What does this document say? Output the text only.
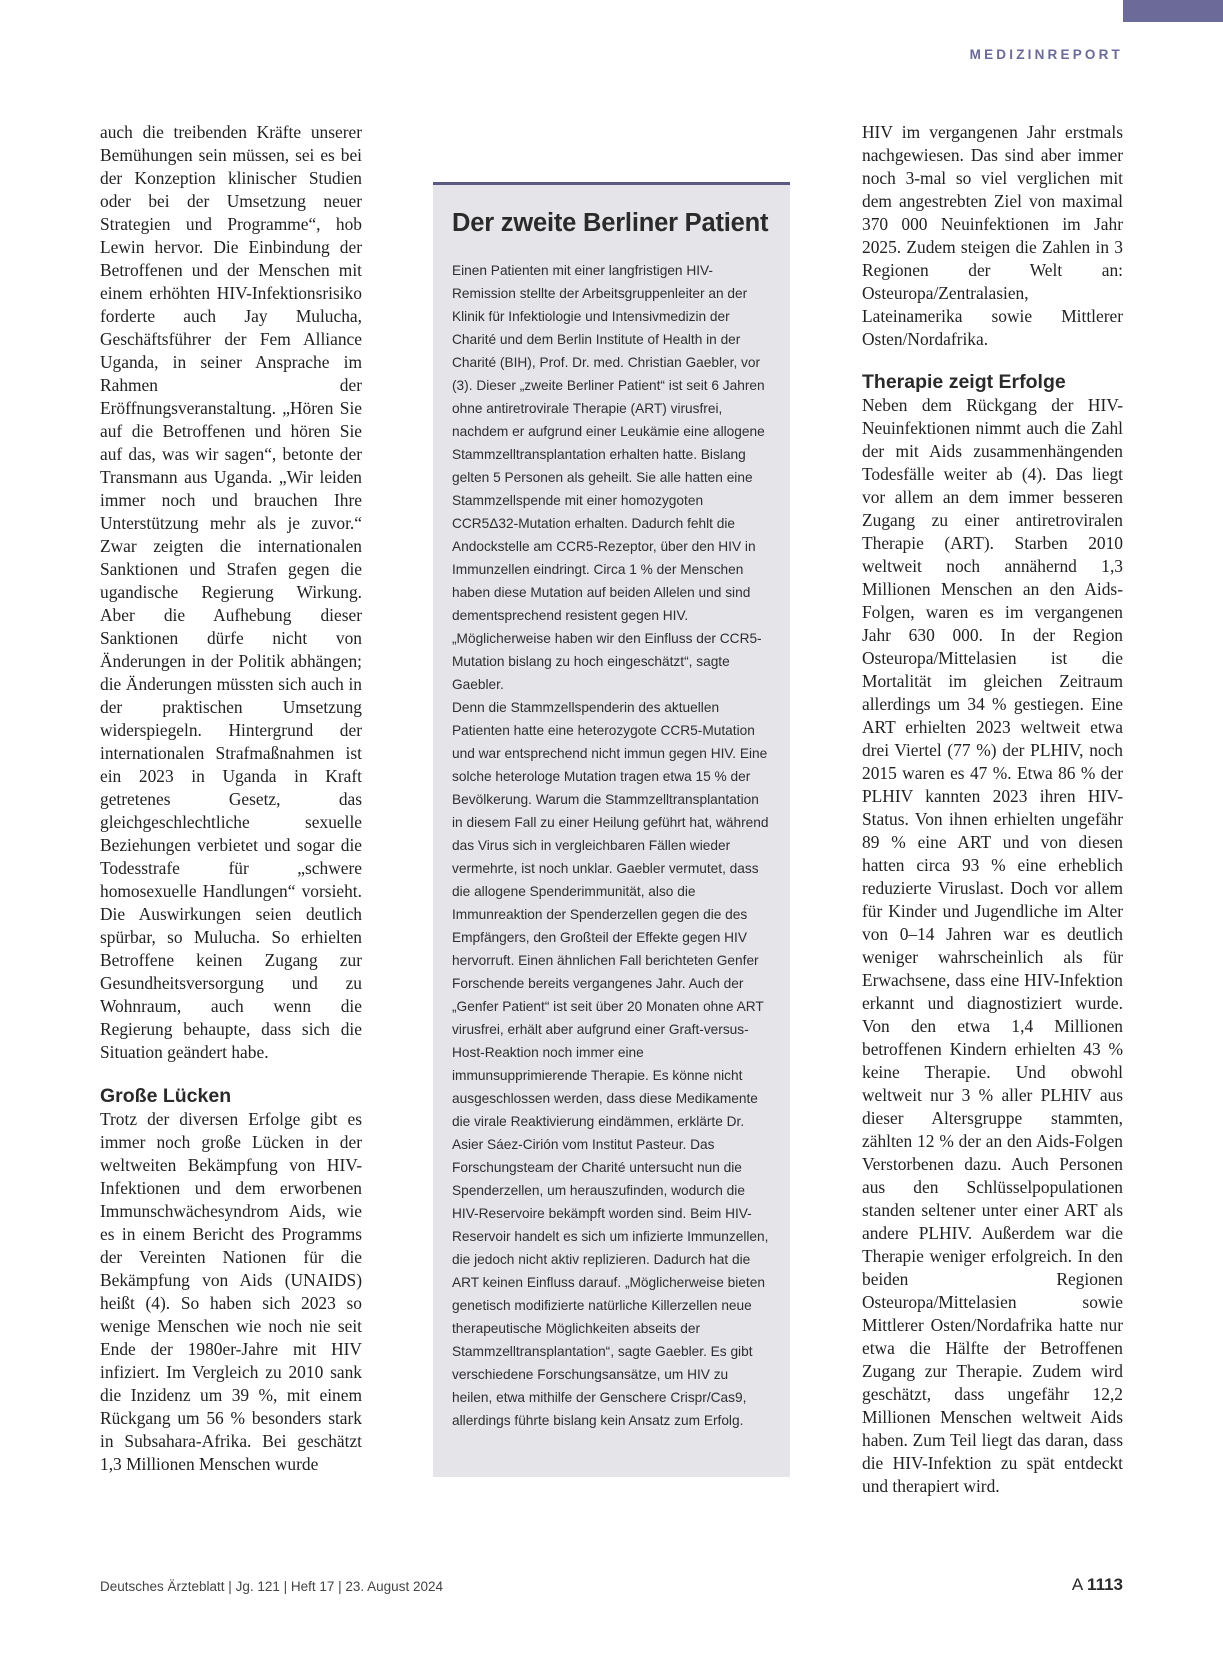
MEDIZINREPORT

auch die treibenden Kräfte unserer Bemühungen sein müssen, sei es bei der Konzeption klinischer Studien oder bei der Umsetzung neuer Strategien und Programme“, hob Lewin hervor. Die Einbindung der Betroffenen und der Menschen mit einem erhöhten HIV-Infektionsrisiko forderte auch Jay Mulucha, Geschäftsführer der Fem Alliance Uganda, in seiner Ansprache im Rahmen der Eröffnungsveranstaltung. „Hören Sie auf die Betroffenen und hören Sie auf das, was wir sagen“, betonte der Transmann aus Uganda. „Wir leiden immer noch und brauchen Ihre Unterstützung mehr als je zuvor.“ Zwar zeigten die internationalen Sanktionen und Strafen gegen die ugandische Regierung Wirkung. Aber die Aufhebung dieser Sanktionen dürfe nicht von Änderungen in der Politik abhängen; die Änderungen müssten sich auch in der praktischen Umsetzung widerspiegeln. Hintergrund der internationalen Strafmaßnahmen ist ein 2023 in Uganda in Kraft getretenes Gesetz, das gleichgeschlechtliche sexuelle Beziehungen verbietet und sogar die Todesstrafe für „schwere homosexuelle Handlungen“ vorsieht. Die Auswirkungen seien deutlich spürbar, so Mulucha. So erhielten Betroffene keinen Zugang zur Gesundheitsversorgung und zu Wohnraum, auch wenn die Regierung behaupte, dass sich die Situation geändert habe.

Große Lücken

Trotz der diversen Erfolge gibt es immer noch große Lücken in der weltweiten Bekämpfung von HIV-Infektionen und dem erworbenen Immunschwächesyndrom Aids, wie es in einem Bericht des Programms der Vereinten Nationen für die Bekämpfung von Aids (UNAIDS) heißt (4). So haben sich 2023 so wenige Menschen wie noch nie seit Ende der 1980er-Jahre mit HIV infiziert. Im Vergleich zu 2010 sank die Inzidenz um 39 %, mit einem Rückgang um 56 % besonders stark in Subsahara-Afrika. Bei geschätzt 1,3 Millionen Menschen wurde

Der zweite Berliner Patient

Einen Patienten mit einer langfristigen HIV-Remission stellte der Arbeitsgruppenleiter an der Klinik für Infektiologie und Intensivmedizin der Charité und dem Berlin Institute of Health in der Charité (BIH), Prof. Dr. med. Christian Gaebler, vor (3). Dieser „zweite Berliner Patient“ ist seit 6 Jahren ohne antiretrovirale Therapie (ART) virusfrei, nachdem er aufgrund einer Leukämie eine allogene Stammzelltransplantation erhalten hatte. Bislang gelten 5 Personen als geheilt. Sie alle hatten eine Stammzellspende mit einer homozygoten CCR5Δ32-Mutation erhalten. Dadurch fehlt die Andockstelle am CCR5-Rezeptor, über den HIV in Immunzellen eindringt. Circa 1 % der Menschen haben diese Mutation auf beiden Allelen und sind dementsprechend resistent gegen HIV. „Möglicherweise haben wir den Einfluss der CCR5-Mutation bislang zu hoch eingeschätzt“, sagte Gaebler.

Denn die Stammzellspenderin des aktuellen Patienten hatte eine heterozygote CCR5-Mutation und war entsprechend nicht immun gegen HIV. Eine solche heterologe Mutation tragen etwa 15 % der Bevölkerung. Warum die Stammzelltransplantation in diesem Fall zu einer Heilung geführt hat, während das Virus sich in vergleichbaren Fällen wieder vermehrte, ist noch unklar. Gaebler vermutet, dass die allogene Spenderimmunität, also die Immunreaktion der Spenderzellen gegen die des Empfängers, den Großteil der Effekte gegen HIV hervorruft. Einen ähnlichen Fall berichteten Genfer Forschende bereits vergangenes Jahr. Auch der „Genfer Patient“ ist seit über 20 Monaten ohne ART virusfrei, erhält aber aufgrund einer Graft-versus-Host-Reaktion noch immer eine immunsupprimierende Therapie. Es könne nicht ausgeschlossen werden, dass diese Medikamente die virale Reaktivierung eindämmen, erklärte Dr. Asier Sáez-Cirión vom Institut Pasteur. Das Forschungsteam der Charité untersucht nun die Spenderzellen, um herauszufinden, wodurch die HIV-Reservoire bekämpft worden sind. Beim HIV-Reservoir handelt es sich um infizierte Immunzellen, die jedoch nicht aktiv replizieren. Dadurch hat die ART keinen Einfluss darauf. „Möglicherweise bieten genetisch modifizierte natürliche Killerzellen neue therapeutische Möglichkeiten abseits der Stammzelltransplantation“, sagte Gaebler. Es gibt verschiedene Forschungsansätze, um HIV zu heilen, etwa mithilfe der Genschere Crispr/Cas9, allerdings führte bislang kein Ansatz zum Erfolg.

HIV im vergangenen Jahr erstmals nachgewiesen. Das sind aber immer noch 3-mal so viel verglichen mit dem angestrebten Ziel von maximal 370 000 Neuinfektionen im Jahr 2025. Zudem steigen die Zahlen in 3 Regionen der Welt an: Osteuropa/Zentralasien, Lateinamerika sowie Mittlerer Osten/Nordafrika.

Therapie zeigt Erfolge

Neben dem Rückgang der HIV-Neuinfektionen nimmt auch die Zahl der mit Aids zusammenhängenden Todesfälle weiter ab (4). Das liegt vor allem an dem immer besseren Zugang zu einer antiretroviralen Therapie (ART). Starben 2010 weltweit noch annähernd 1,3 Millionen Menschen an den Aids-Folgen, waren es im vergangenen Jahr 630 000. In der Region Osteuropa/Mittelasien ist die Mortalität im gleichen Zeitraum allerdings um 34 % gestiegen. Eine ART erhielten 2023 weltweit etwa drei Viertel (77 %) der PLHIV, noch 2015 waren es 47 %. Etwa 86 % der PLHIV kannten 2023 ihren HIV-Status. Von ihnen erhielten ungefähr 89 % eine ART und von diesen hatten circa 93 % eine erheblich reduzierte Viruslast. Doch vor allem für Kinder und Jugendliche im Alter von 0–14 Jahren war es deutlich weniger wahrscheinlich als für Erwachsene, dass eine HIV-Infektion erkannt und diagnostiziert wurde. Von den etwa 1,4 Millionen betroffenen Kindern erhielten 43 % keine Therapie. Und obwohl weltweit nur 3 % aller PLHIV aus dieser Altersgruppe stammten, zählten 12 % der an den Aids-Folgen Verstorbenen dazu. Auch Personen aus den Schlüsselpopulationen standen seltener unter einer ART als andere PLHIV. Außerdem war die Therapie weniger erfolgreich. In den beiden Regionen Osteuropa/Mittelasien sowie Mittlerer Osten/Nordafrika hatte nur etwa die Hälfte der Betroffenen Zugang zur Therapie. Zudem wird geschätzt, dass ungefähr 12,2 Millionen Menschen weltweit Aids haben. Zum Teil liegt das daran, dass die HIV-Infektion zu spät entdeckt und therapiert wird.

Deutsches Ärzteblatt | Jg. 121 | Heft 17 | 23. August 2024	A 1113
